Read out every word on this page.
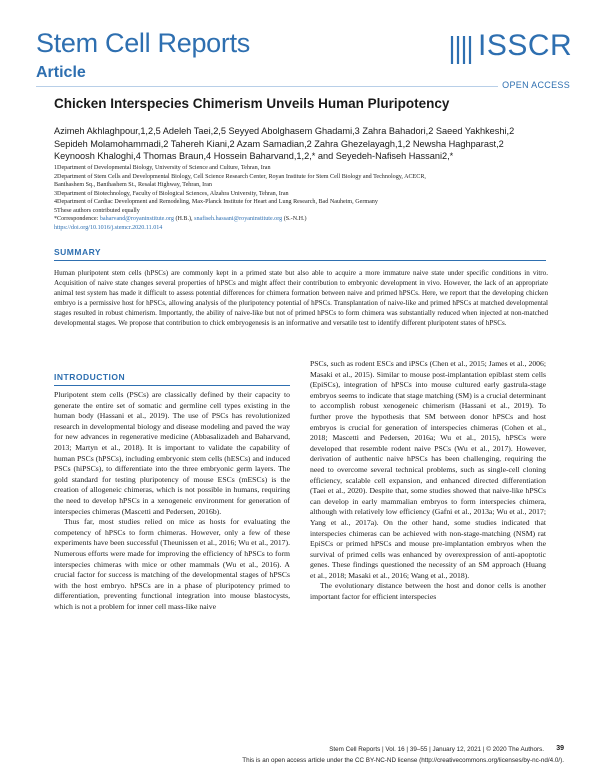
Stem Cell Reports
Article
ISSCR
OPEN ACCESS
Chicken Interspecies Chimerism Unveils Human Pluripotency
Azimeh Akhlaghpour,1,2,5 Adeleh Taei,2,5 Seyyed Abolghasem Ghadami,3 Zahra Bahadori,2 Saeed Yakhkeshi,2
Sepideh Molamohammadi,2 Tahereh Kiani,2 Azam Samadian,2 Zahra Ghezelayagh,1,2 Newsha Haghparast,2
Keynoosh Khaloghi,4 Thomas Braun,4 Hossein Baharvand,1,2,* and Seyedeh-Nafiseh Hassani2,*
1Department of Developmental Biology, University of Science and Culture, Tehran, Iran
2Department of Stem Cells and Developmental Biology, Cell Science Research Center, Royan Institute for Stem Cell Biology and Technology, ACECR,
Banihashem Sq., Banihashem St., Resalat Highway, Tehran, Iran
3Department of Biotechnology, Faculty of Biological Sciences, Alzahra University, Tehran, Iran
4Department of Cardiac Development and Remodeling, Max-Planck Institute for Heart and Lung Research, Bad Nauheim, Germany
5These authors contributed equally
*Correspondence: baharvand@royaninstitute.org (H.B.), snafiseh.hassani@royaninstitute.org (S.-N.H.)
https://doi.org/10.1016/j.stemcr.2020.11.014
SUMMARY
Human pluripotent stem cells (hPSCs) are commonly kept in a primed state but also able to acquire a more immature naive state under specific conditions in vitro. Acquisition of naive state changes several properties of hPSCs and might affect their contribution to embryonic development in vivo. However, the lack of an appropriate animal test system has made it difficult to assess potential differences for chimera formation between naive and primed hPSCs. Here, we report that the developing chicken embryo is a permissive host for hPSCs, allowing analysis of the pluripotency potential of hPSCs. Transplantation of naive-like and primed hPSCs at matched developmental stages resulted in robust chimerism. Importantly, the ability of naive-like but not of primed hPSCs to form chimera was substantially reduced when injected at non-matched developmental stages. We propose that contribution to chick embryogenesis is an informative and versatile test to identify different pluripotent states of hPSCs.
INTRODUCTION

Pluripotent stem cells (PSCs) are classically defined by their capacity to generate the entire set of somatic and germline cell types existing in the human body (Hassani et al., 2019). The use of PSCs has revolutionized research in developmental biology and disease modeling and paved the way for new advances in regenerative medicine (Abbasalizadeh and Baharvand, 2013; Martyn et al., 2018). It is important to validate the capability of human PSCs (hPSCs), including embryonic stem cells (hESCs) and induced PSCs (hiPSCs), to differentiate into the three embryonic germ layers. The gold standard for testing pluripotency of mouse ESCs (mESCs) is the creation of allogeneic chimeras, which is not possible in humans, requiring the need to develop hPSCs in a xenogeneic environment for generation of interspecies chimeras (Mascetti and Pedersen, 2016b).

Thus far, most studies relied on mice as hosts for evaluating the competency of hPSCs to form chimeras. However, only a few of these experiments have been successful (Theunissen et al., 2016; Wu et al., 2017). Numerous efforts were made for improving the efficiency of hPSCs to form interspecies chimeras with mice or other mammals (Wu et al., 2016). A crucial factor for success is matching of the developmental stages of hPSCs with the host embryo. hPSCs are in a phase of pluripotency primed to differentiation, preventing functional integration into mouse blastocysts, which is not a problem for inner cell mass-like naive

PSCs, such as rodent ESCs and iPSCs (Chen et al., 2015; James et al., 2006; Masaki et al., 2015). Similar to mouse post-implantation epiblast stem cells (EpiSCs), integration of hPSCs into mouse cultured early gastrula-stage embryos seems to indicate that stage matching (SM) is a crucial determinant to accomplish robust xenogeneic chimerism (Hassani et al., 2019). To further prove the hypothesis that SM between donor hPSCs and host embryos is crucial for generation of interspecies chimeras (Cohen et al., 2018; Mascetti and Pedersen, 2016a; Wu et al., 2015), hPSCs were developed that resemble rodent naive PSCs (Wu et al., 2017). However, derivation of authentic naive hPSCs has been challenging, requiring the need to overcome several technical problems, such as single-cell cloning efficiency, scalable cell expansion, and enhanced directed differentiation (Taei et al., 2020). Despite that, some studies showed that naive-like hPSCs can develop in early mammalian embryos to form interspecies chimera, although with relatively low efficiency (Gafni et al., 2013a; Wu et al., 2017; Yang et al., 2017a). On the other hand, some studies indicated that interspecies chimeras can be achieved with non-stage-matching (NSM) rat EpiSCs or primed hPSCs and mouse pre-implantation embryos when the survival of primed cells was enhanced by overexpression of anti-apoptotic genes. These findings questioned the necessity of an SM approach (Huang et al., 2018; Masaki et al., 2016; Wang et al., 2018).

The evolutionary distance between the host and donor cells is another important factor for efficient interspecies

Stem Cell Reports | Vol. 16 | 39–55 | January 12, 2021 | © 2020 The Authors.	39
This is an open access article under the CC BY-NC-ND license (http://creativecommons.org/licenses/by-nc-nd/4.0/).
